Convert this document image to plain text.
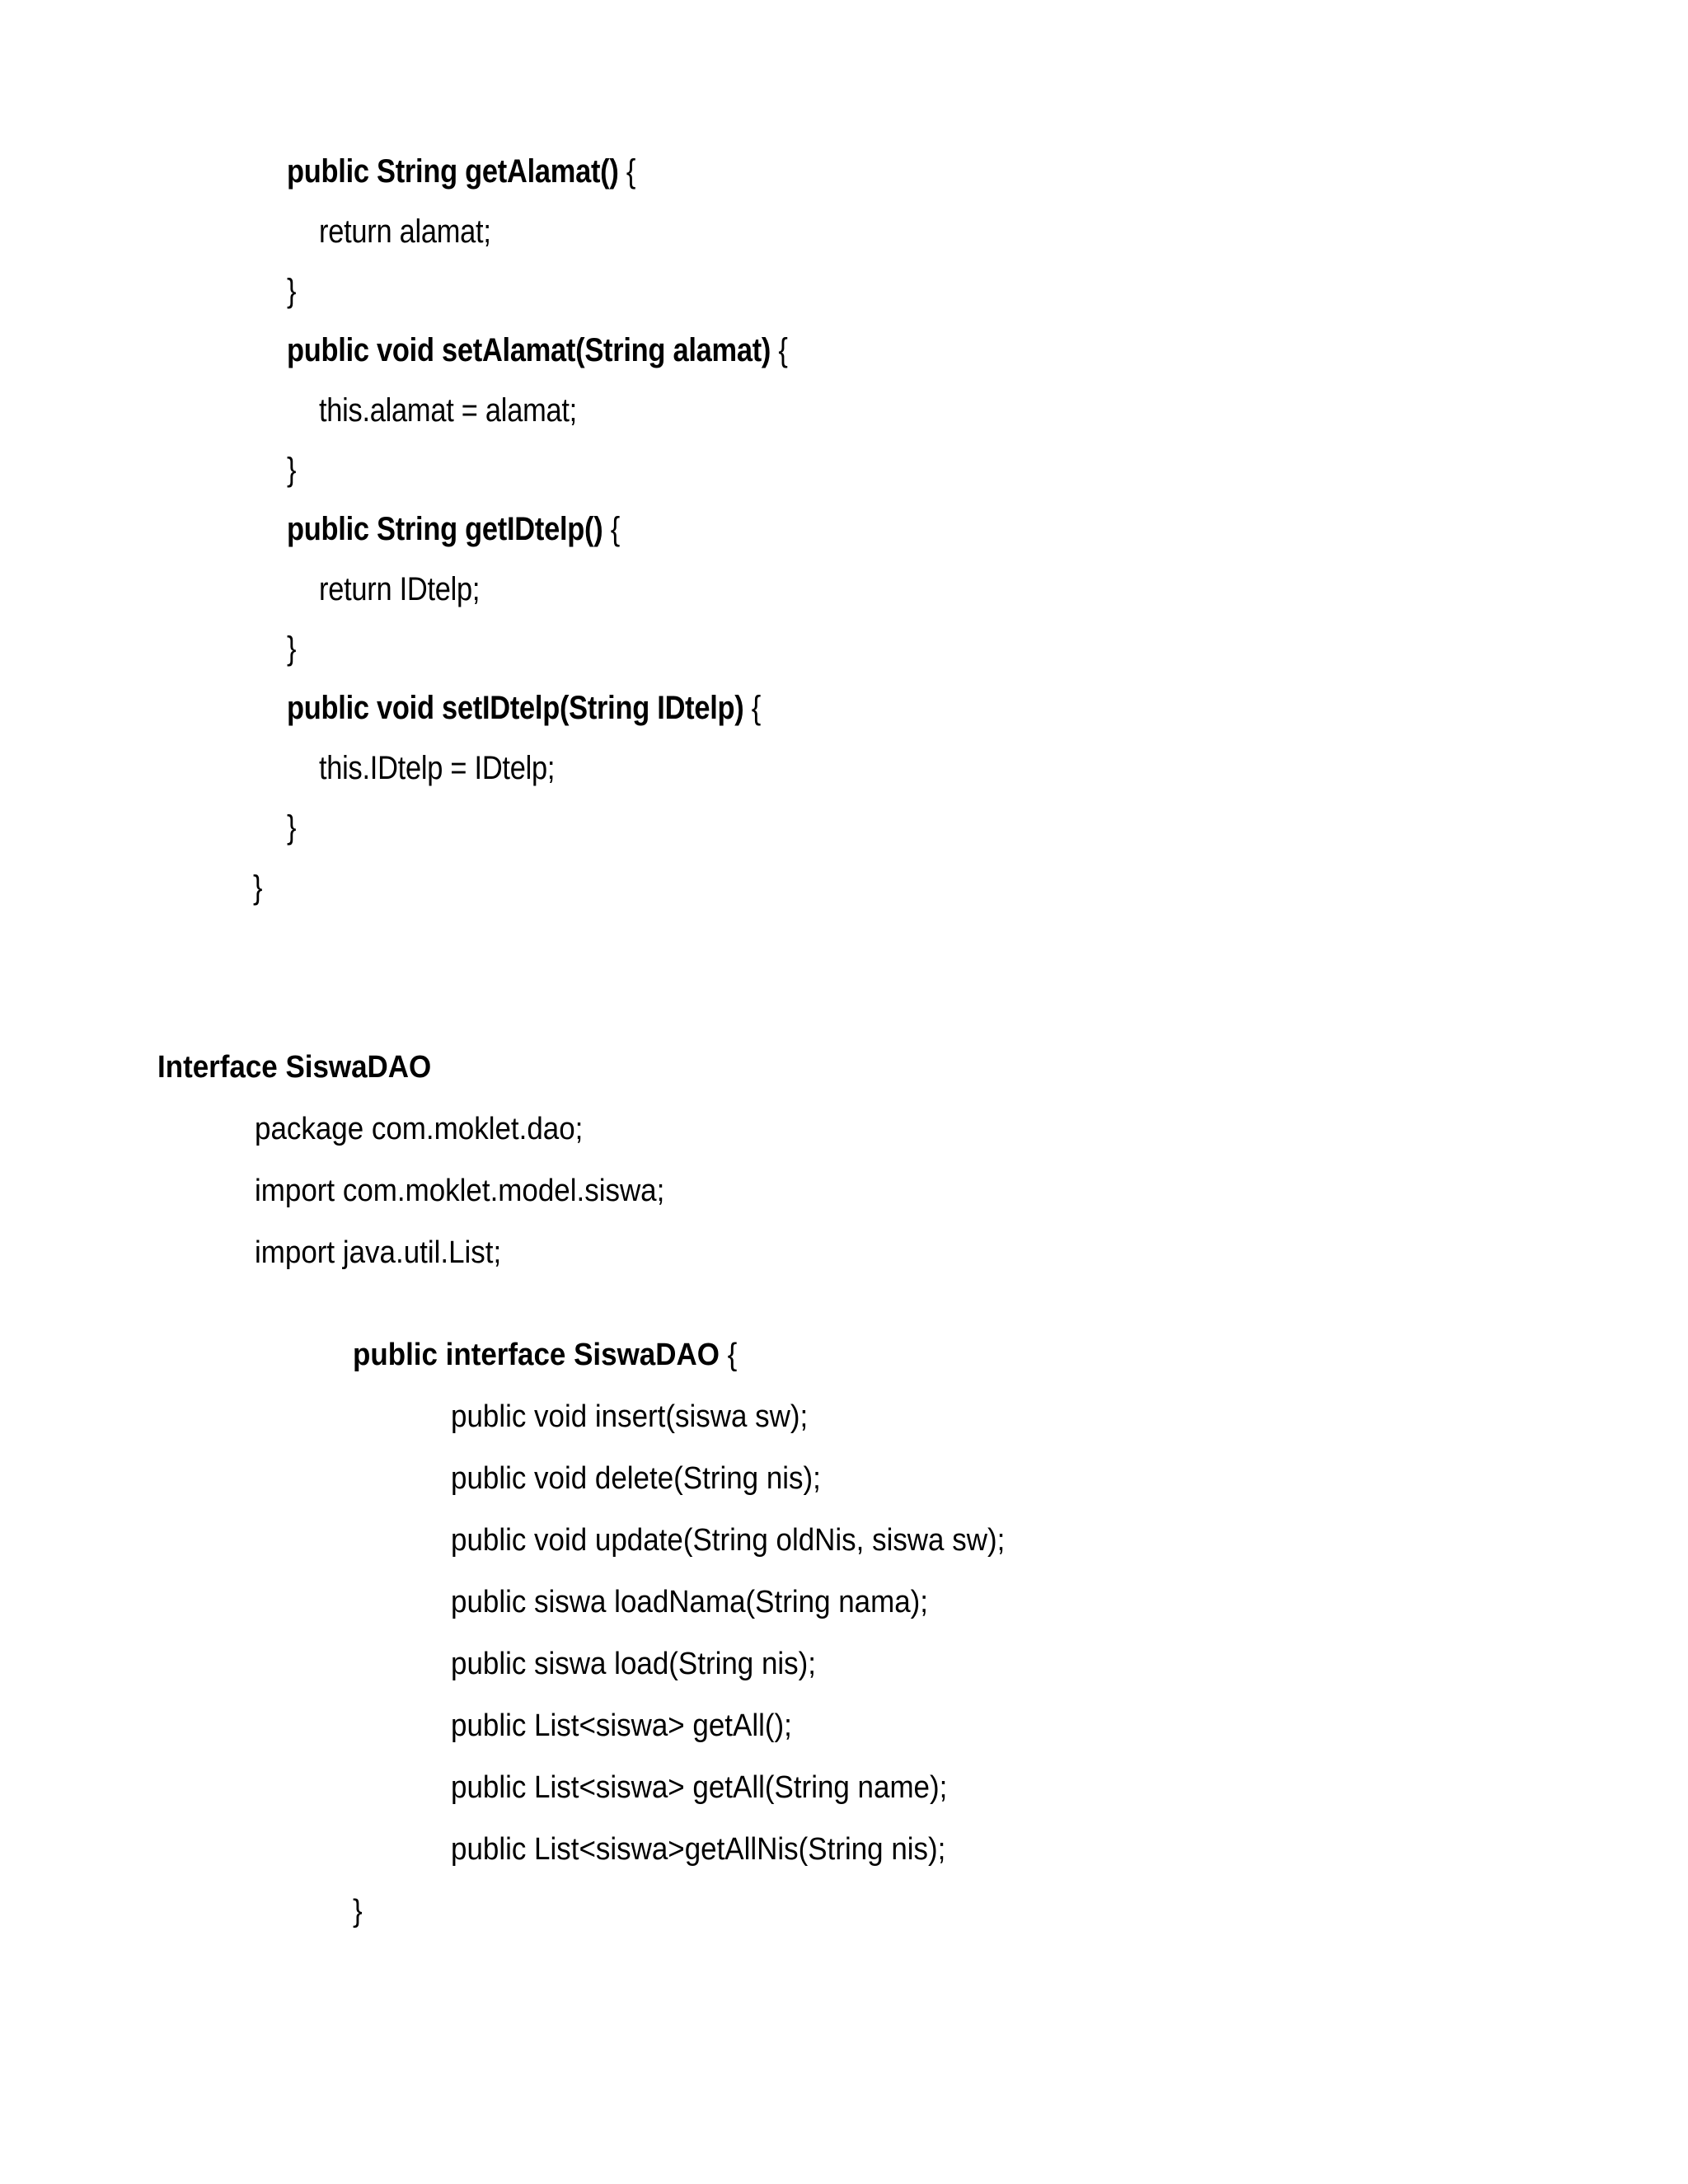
public String getAlamat() {
return alamat;
}
public void setAlamat(String alamat) {
this.alamat = alamat;
}
public String getIDtelp() {
return IDtelp;
}
public void setIDtelp(String IDtelp) {
this.IDtelp = IDtelp;
}
}
Interface SiswaDAO
package com.moklet.dao;
import com.moklet.model.siswa;
import java.util.List;
public interface SiswaDAO {
public void insert(siswa sw);
public void delete(String nis);
public void update(String oldNis, siswa sw);
public siswa loadNama(String nama);
public siswa load(String nis);
public List<siswa> getAll();
public List<siswa> getAll(String name);
public List<siswa>getAllNis(String nis);
}
